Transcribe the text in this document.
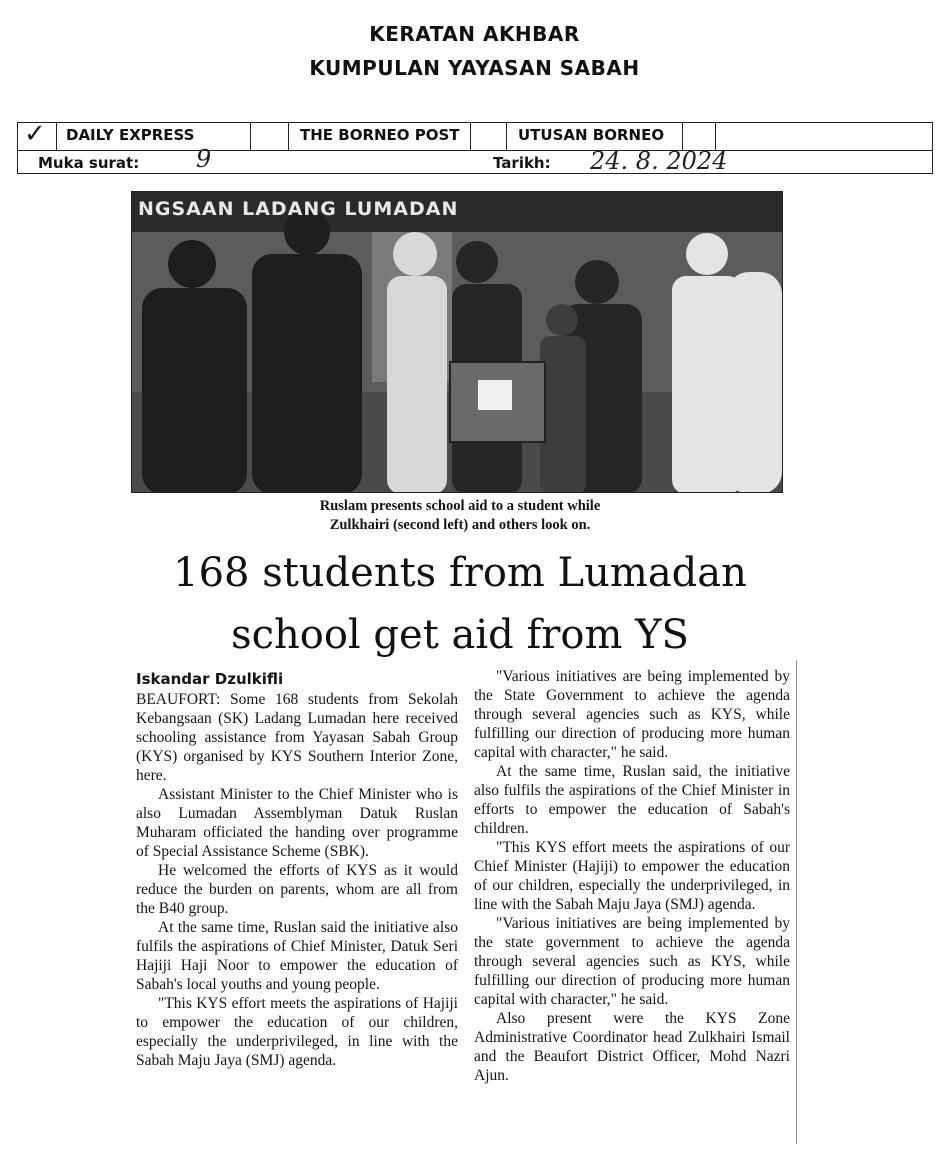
KERATAN AKHBAR
KUMPULAN YAYASAN SABAH
✓ DAILY EXPRESS	THE BORNEO POST	UTUSAN BORNEO
Muka surat: 9	Tarikh: 24. 8. 2024
NGSAAN LADANG LUMADAN
Ruslam presents school aid to a student while
Zulkhairi (second left) and others look on.
168 students from Lumadan
school get aid from YS
Iskandar Dzulkifli

BEAUFORT: Some 168 students from Sekolah Kebangsaan (SK) Ladang Lumadan here received schooling assistance from Yayasan Sabah Group (KYS) organised by KYS Southern Interior Zone, here.

Assistant Minister to the Chief Minister who is also Lumadan Assemblyman Datuk Ruslan Muharam officiated the handing over programme of Special Assistance Scheme (SBK).

He welcomed the efforts of KYS as it would reduce the burden on parents, whom are all from the B40 group.

At the same time, Ruslan said the initiative also fulfils the aspirations of Chief Minister, Datuk Seri Hajiji Haji Noor to empower the education of Sabah's local youths and young people.

"This KYS effort meets the aspirations of Hajiji to empower the education of our children, especially the underprivileged, in line with the Sabah Maju Jaya (SMJ) agenda.

"Various initiatives are being implemented by the State Government to achieve the agenda through several agencies such as KYS, while fulfilling our direction of producing more human capital with character," he said.

At the same time, Ruslan said, the initiative also fulfils the aspirations of the Chief Minister in efforts to empower the education of Sabah's children.

"This KYS effort meets the aspirations of our Chief Minister (Hajiji) to empower the education of our children, especially the underprivileged, in line with the Sabah Maju Jaya (SMJ) agenda.

"Various initiatives are being implemented by the state government to achieve the agenda through several agencies such as KYS, while fulfilling our direction of producing more human capital with character," he said.

Also present were the KYS Zone Administrative Coordinator head Zulkhairi Ismail and the Beaufort District Officer, Mohd Nazri Ajun.
